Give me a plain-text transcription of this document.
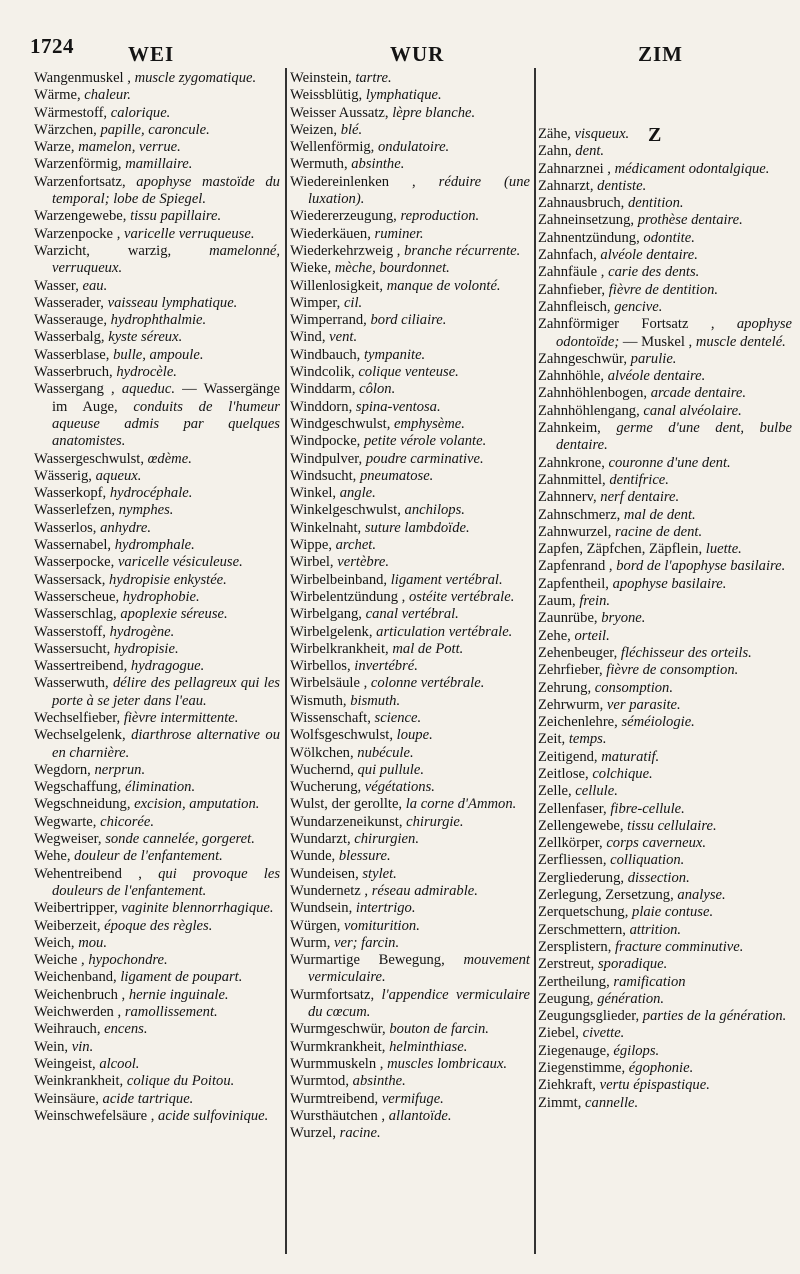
1724	WEI	WUR	ZIM

Wangenmuskel , muscle zygomatique.

Wärme, chaleur.

Wärmestoff, calorique.

Wärzchen, papille, caroncule.

Warze, mamelon, verrue.

Warzenförmig, mamillaire.

Warzenfortsatz, apophyse mastoïde du temporal; lobe de Spiegel.

Warzengewebe, tissu papillaire.

Warzenpocke , varicelle verruqueuse.

Warzicht, warzig,	mamelonné, verruqueux.

Wasser, eau.

Wasserader, vaisseau lymphatique.

Wasserauge, hydrophthalmie.

Wasserbalg, kyste séreux.

Wasserblase, bulle, ampoule.

Wasserbruch, hydrocèle.

Wassergang , aqueduc. — Wassergänge im Auge, conduits de l'humeur aqueuse admis par quelques anatomistes.

Wassergeschwulst, œdème.

Wässerig, aqueux.

Wasserkopf, hydrocéphale.

Wasserlefzen, nymphes.

Wasserlos, anhydre.

Wassernabel, hydromphale.

Wasserpocke, varicelle vésiculeuse.

Wassersack, hydropisie enkystée.

Wasserscheue, hydrophobie.

Wasserschlag, apoplexie séreuse.

Wasserstoff, hydrogène.

Wassersucht, hydropisie.

Wassertreibend, hydragogue.

Wasserwuth, délire des pellagreux qui les porte à se jeter dans l'eau.

Wechselfieber, fièvre intermittente.

Wechselgelenk, diarthrose alternative ou en charnière.

Wegdorn, nerprun.

Wegschaffung, élimination.

Wegschneidung, excision, amputation.

Wegwarte, chicorée.

Wegweiser, sonde cannelée, gorgeret.

Wehe, douleur de l'enfantement.

Wehentreibend , qui provoque les douleurs de l'enfantement.

Weibertripper, vaginite blennorrhagique.

Weiberzeit, époque des règles.

Weich, mou.

Weiche , hypochondre.

Weichenband, ligament de poupart.

Weichenbruch , hernie inguinale.

Weichwerden , ramollissement.

Weihrauch, encens.

Wein, vin.

Weingeist, alcool.

Weinkrankheit, colique du Poitou.

Weinsäure, acide tartrique.

Weinschwefelsäure , acide sulfovinique.

Weinstein, tartre.

Weissblütig, lymphatique.

Weisser Aussatz, lèpre blanche.

Weizen, blé.

Wellenförmig, ondulatoire.

Wermuth, absinthe.

Wiedereinlenken , réduire (une luxation).

Wiedererzeugung, reproduction.

Wiederkäuen, ruminer.

Wiederkehrzweig , branche récurrente.

Wieke, mèche, bourdonnet.

Willenlosigkeit, manque de volonté.

Wimper, cil.

Wimperrand, bord ciliaire.

Wind, vent.

Windbauch, tympanite.

Windcolik, colique venteuse.

Winddarm, côlon.

Winddorn, spina-ventosa.

Windgeschwulst, emphysème.

Windpocke, petite vérole volante.

Windpulver, poudre carminative.

Windsucht, pneumatose.

Winkel, angle.

Winkelgeschwulst, anchilops.

Winkelnaht, suture lambdoïde.

Wippe, archet.

Wirbel, vertèbre.

Wirbelbeinband, ligament vertébral.

Wirbelentzündung , ostéite vertébrale.

Wirbelgang, canal vertébral.

Wirbelgelenk, articulation vertébrale.

Wirbelkrankheit, mal de Pott.

Wirbellos, invertébré.

Wirbelsäule , colonne vertébrale.

Wismuth, bismuth.

Wissenschaft, science.

Wolfsgeschwulst, loupe.

Wölkchen, nubécule.

Wuchernd, qui pullule.

Wucherung, végétations.

Wulst, der gerollte, la corne d'Ammon.

Wundarzeneikunst, chirurgie.

Wundarzt, chirurgien.

Wunde, blessure.

Wundeisen, stylet.

Wundernetz , réseau admirable.

Wundsein, intertrigo.

Würgen, vomiturition.

Wurm, ver; farcin.

Wurmartige Bewegung, mouvement vermiculaire.

Wurmfortsatz, l'appendice vermiculaire du cœcum.

Wurmgeschwür, bouton de farcin.

Wurmkrankheit, helminthiase.

Wurmmuskeln , muscles lombricaux.

Wurmtod, absinthe.

Wurmtreibend, vermifuge.

Wursthäutchen , allantoïde.

Wurzel, racine.

Z

Zähe, visqueux.

Zahn, dent.

Zahnarznei , médicament odontalgique.

Zahnarzt, dentiste.

Zahnausbruch, dentition.

Zahneinsetzung, prothèse dentaire.

Zahnentzündung, odontite.

Zahnfach, alvéole dentaire.

Zahnfäule , carie des dents.

Zahnfieber, fièvre de dentition.

Zahnfleisch, gencive.

Zahnförmiger Fortsatz , apophyse odontoïde; — Muskel , muscle dentelé.

Zahngeschwür, parulie.

Zahnhöhle, alvéole dentaire.

Zahnhöhlenbogen, arcade dentaire.

Zahnhöhlengang, canal alvéolaire.

Zahnkeim, germe d'une dent, bulbe dentaire.

Zahnkrone, couronne d'une dent.

Zahnmittel, dentifrice.

Zahnnerv, nerf dentaire.

Zahnschmerz, mal de dent.

Zahnwurzel, racine de dent.

Zapfen, Zäpfchen, Zäpflein, luette.

Zapfenrand , bord de l'apophyse basilaire.

Zapfentheil, apophyse basilaire.

Zaum, frein.

Zaunrübe, bryone.

Zehe, orteil.

Zehenbeuger, fléchisseur des orteils.

Zehrfieber, fièvre de consomption.

Zehrung, consomption.

Zehrwurm, ver parasite.

Zeichenlehre, séméiologie.

Zeit, temps.

Zeitigend, maturatif.

Zeitlose, colchique.

Zelle, cellule.

Zellenfaser, fibre-cellule.

Zellengewebe, tissu cellulaire.

Zellkörper, corps caverneux.

Zerfliessen, colliquation.

Zergliederung, dissection.

Zerlegung, Zersetzung, analyse.

Zerquetschung, plaie contuse.

Zerschmettern, attrition.

Zersplistern, fracture comminutive.

Zerstreut, sporadique.

Zertheilung, ramification

Zeugung, génération.

Zeugungsglieder, parties de la génération.

Ziebel, civette.

Ziegenauge, égilops.

Ziegenstimme, égophonie.

Ziehkraft, vertu épispastique.

Zimmt, cannelle.
